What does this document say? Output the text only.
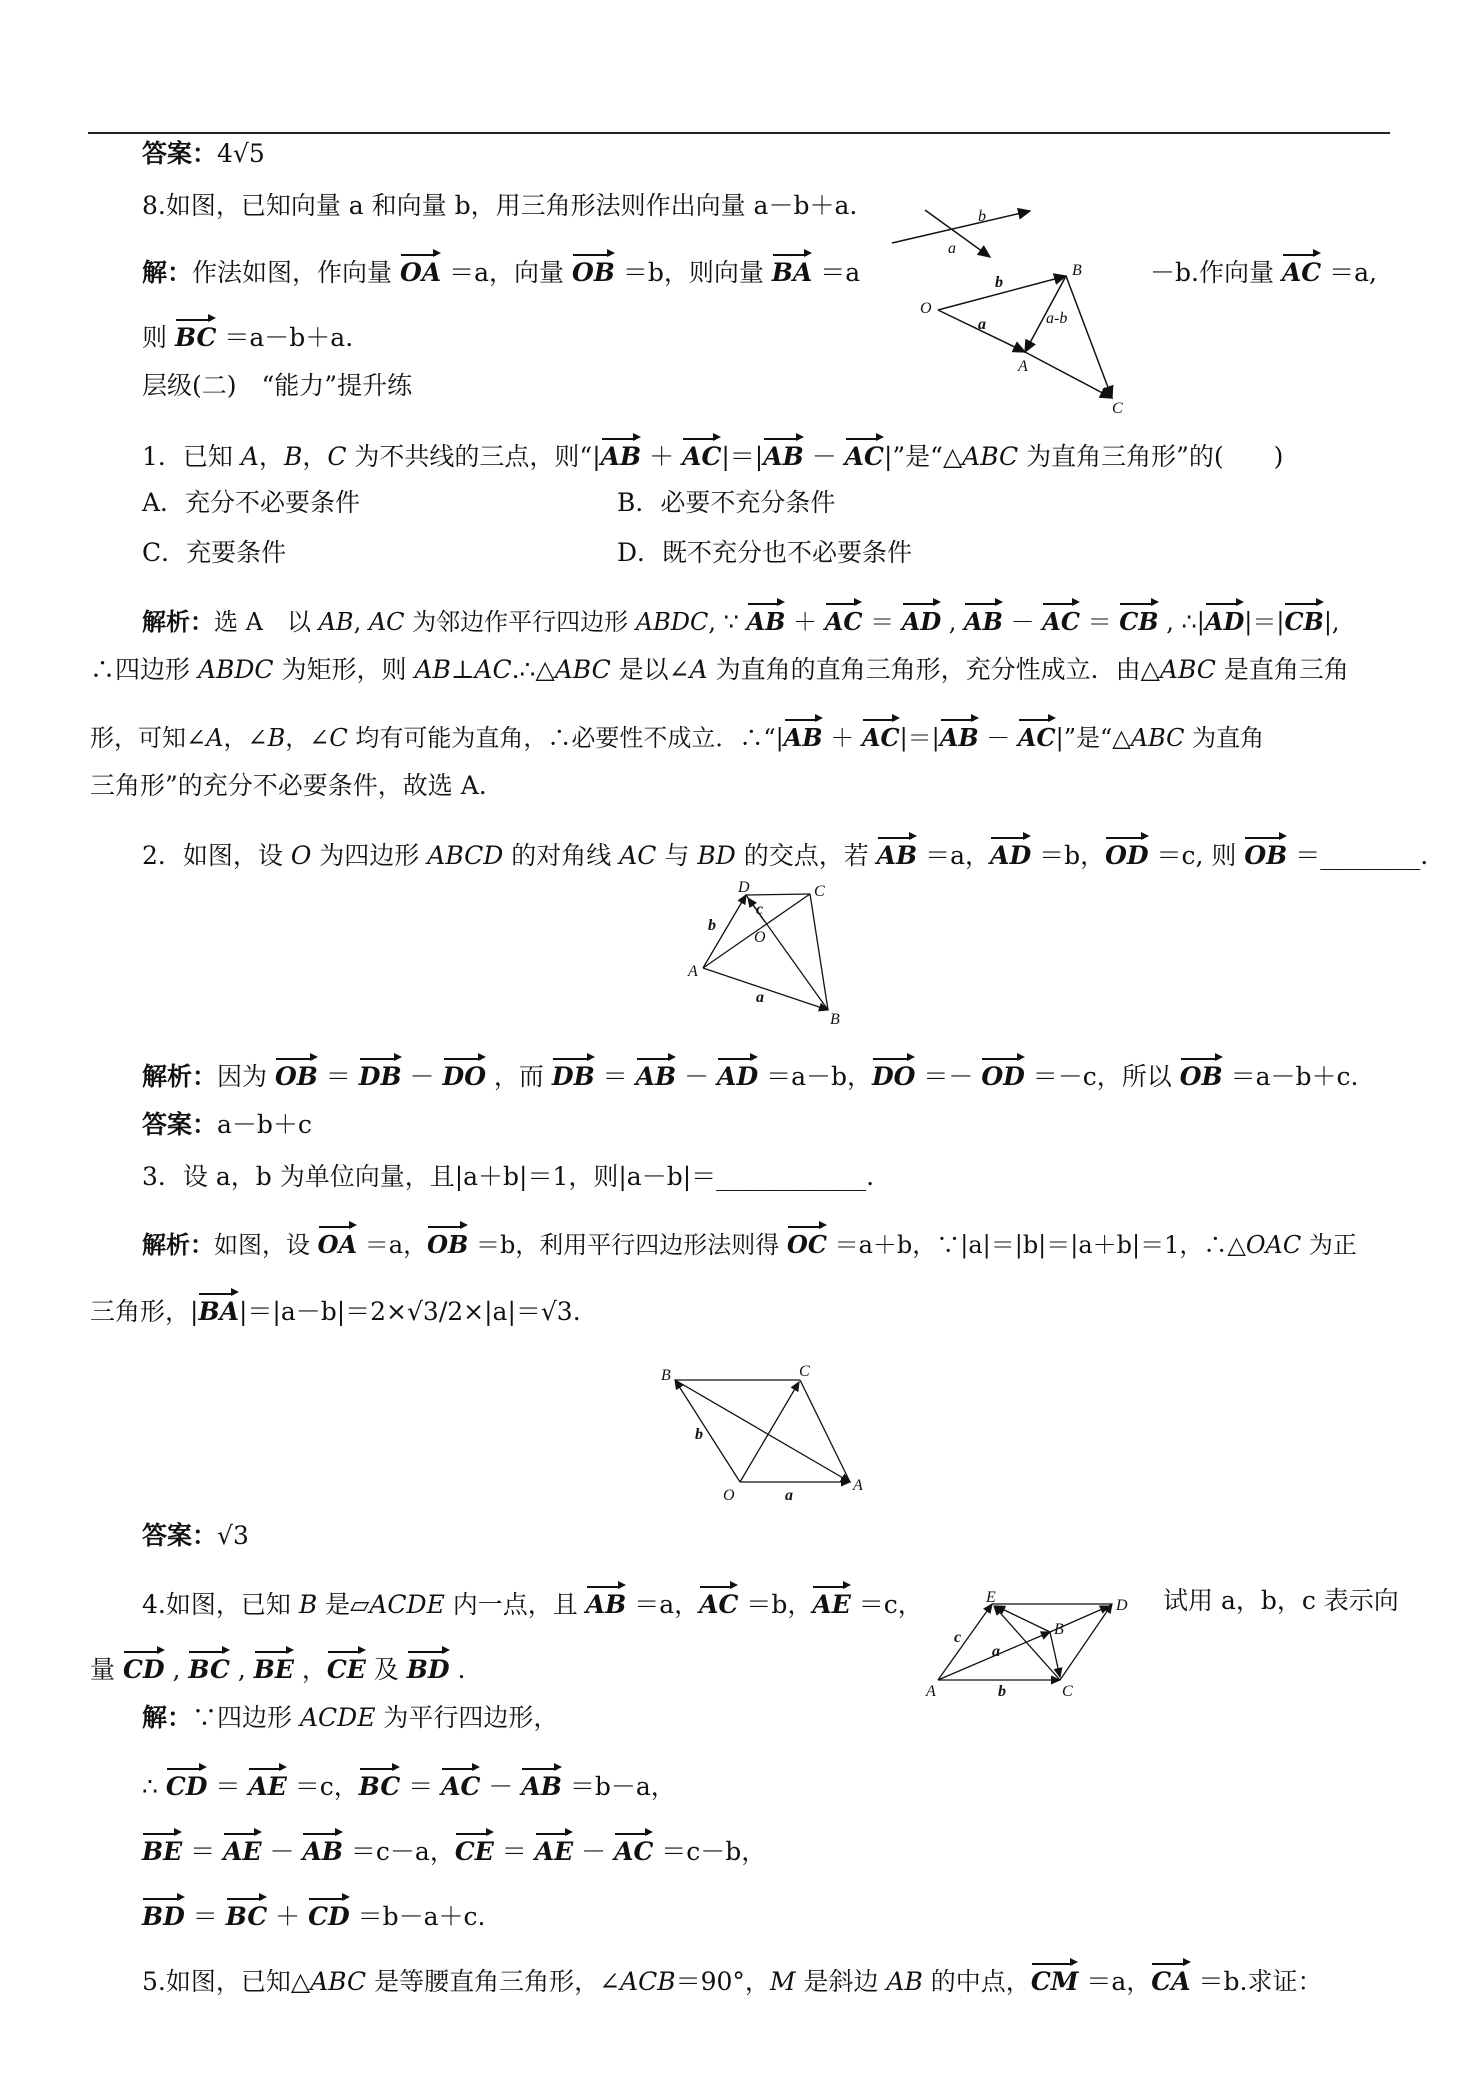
答案：4√5
8.如图，已知向量 a 和向量 b，用三角形法则作出向量 a－b＋a.
解：作法如图，作向量 OA ＝a，向量 OB ＝b，则向量 BA ＝a	－b.作向量 AC ＝a,
则 BC ＝a－b＋a.
层级(二)　“能力”提升练
1．已知 A，B，C 为不共线的三点，则“|AB ＋ AC|＝|AB － AC|”是“△ABC 为直角三角形”的(　　)
A．充分不必要条件	B．必要不充分条件
C．充要条件	D．既不充分也不必要条件
解析：选 A　以 AB, AC 为邻边作平行四边形 ABDC, ∵ AB ＋ AC ＝ AD , AB － AC ＝ CB , ∴|AD|＝|CB|,
∴四边形 ABDC 为矩形，则 AB⊥AC.∴△ABC 是以∠A 为直角的直角三角形，充分性成立．由△ABC 是直角三角
形，可知∠A，∠B，∠C 均有可能为直角，∴必要性不成立．∴“|AB ＋ AC|＝|AB － AC|”是“△ABC 为直角
三角形”的充分不必要条件，故选 A.
2．如图，设 O 为四边形 ABCD 的对角线 AC 与 BD 的交点，若 AB ＝a，AD ＝b，OD ＝c, 则 OB ＝________.
解析：因为 OB ＝ DB － DO ，而 DB ＝ AB － AD ＝a－b，DO ＝－ OD ＝－c，所以 OB ＝a－b＋c.
答案：a－b＋c
3．设 a，b 为单位向量，且|a＋b|＝1，则|a－b|＝____________.
解析：如图，设 OA ＝a，OB ＝b，利用平行四边形法则得 OC ＝a＋b，∵|a|＝|b|＝|a＋b|＝1，∴△OAC 为正
三角形，|BA|＝|a－b|＝2×√3/2×|a|＝√3.
答案：√3
4.如图，已知 B 是▱ACDE 内一点，且 AB ＝a，AC ＝b，AE ＝c，	试用 a，b，c 表示向
量 CD , BC , BE ，CE 及 BD .
解：∵四边形 ACDE 为平行四边形，
∴ CD ＝ AE ＝c，BC ＝ AC － AB ＝b－a，
BE ＝ AE － AB ＝c－a，CE ＝ AE － AC ＝c－b，
BD ＝ BC ＋ CD ＝b－a＋c.
5.如图，已知△ABC 是等腰直角三角形，∠ACB＝90°，M 是斜边 AB 的中点，CM ＝a，CA ＝b.求证：
b
a
B
O
b
a	a-b
A
C
D	C
b
c
O
A
a
B
B	C
b
O	a
A
E	D
c	B
a
A	b	C
